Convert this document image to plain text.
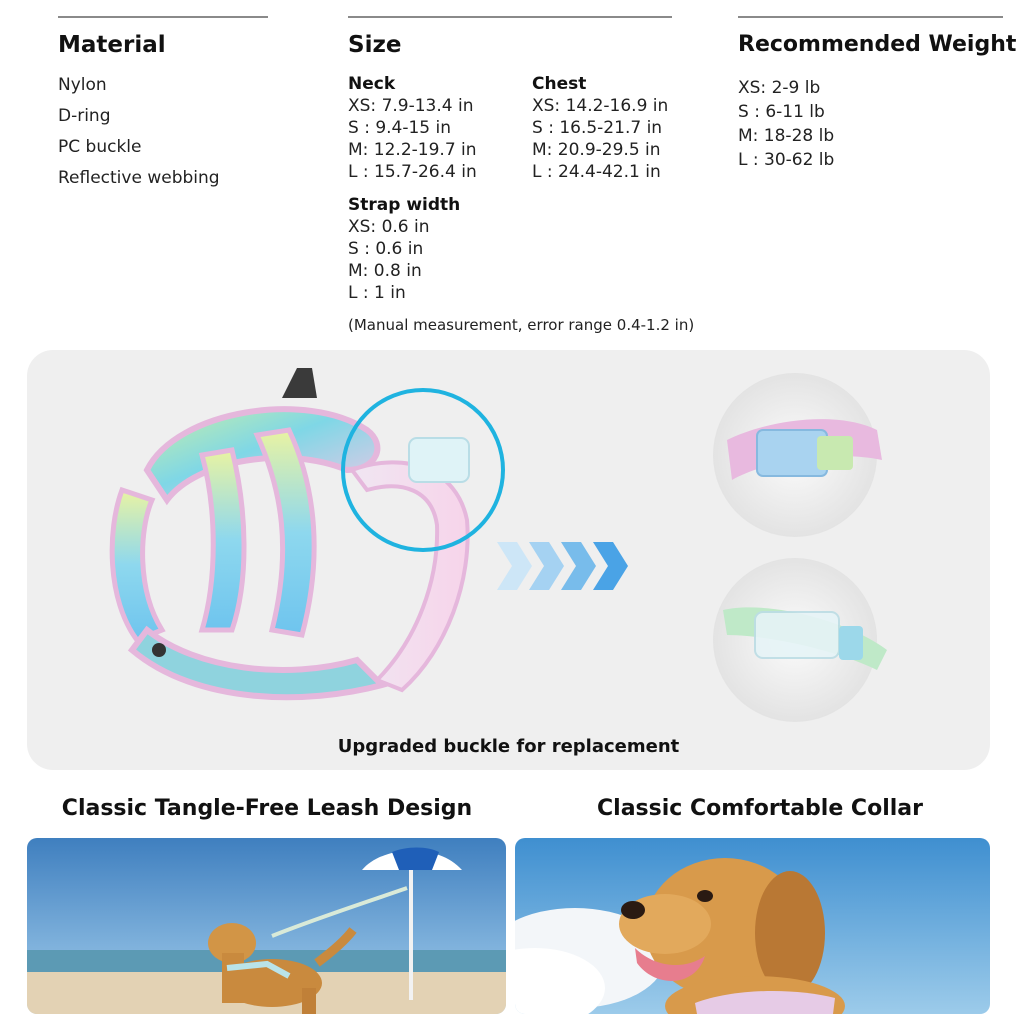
Material
Nylon
D-ring
PC buckle
Reflective webbing
Size
Neck
XS: 7.9-13.4 in
S : 9.4-15 in
M: 12.2-19.7 in
L : 15.7-26.4 in
Chest
XS: 14.2-16.9 in
S : 16.5-21.7 in
M: 20.9-29.5 in
L : 24.4-42.1 in
Strap width
XS: 0.6 in
S : 0.6 in
M: 0.8 in
L : 1 in
(Manual measurement, error range 0.4-1.2 in)
Recommended Weight
XS: 2-9 lb
S : 6-11 lb
M: 18-28 lb
L : 30-62 lb
Upgraded buckle for replacement
Classic Tangle-Free Leash Design	Classic Comfortable Collar
